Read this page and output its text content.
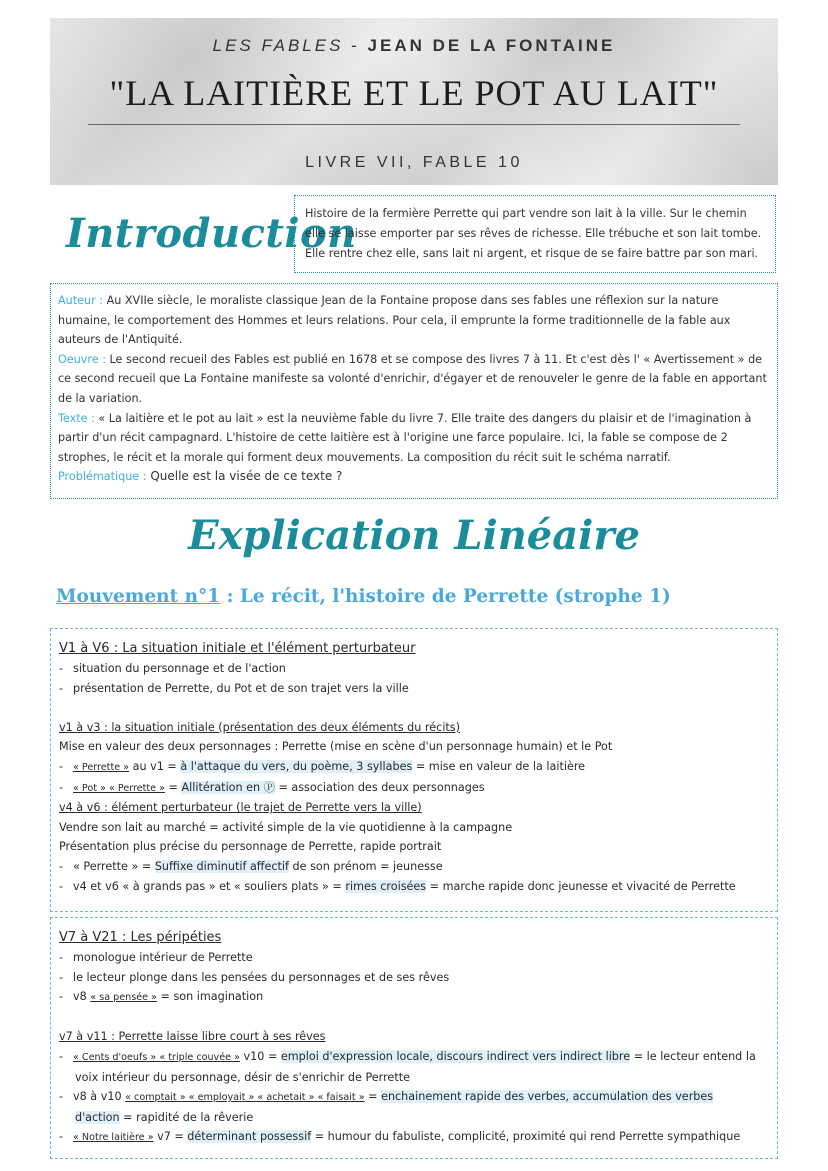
LES FABLES - JEAN DE LA FONTAINE
"LA LAITIÈRE ET LE POT AU LAIT"
LIVRE VII, FABLE 10
Introduction
Histoire de la fermière Perrette qui part vendre son lait à la ville. Sur le chemin elle se laisse emporter par ses rêves de richesse. Elle trébuche et son lait tombe. Elle rentre chez elle, sans lait ni argent, et risque de se faire battre par son mari.
Auteur : Au XVIIe siècle, le moraliste classique Jean de la Fontaine propose dans ses fables une réflexion sur la nature humaine, le comportement des Hommes et leurs relations. Pour cela, il emprunte la forme traditionnelle de la fable aux auteurs de l'Antiquité.
Oeuvre : Le second recueil des Fables est publié en 1678 et se compose des livres 7 à 11. Et c'est dès l' « Avertissement » de ce second recueil que La Fontaine manifeste sa volonté d'enrichir, d'égayer et de renouveler le genre de la fable en apportant de la variation.
Texte : « La laitière et le pot au lait » est la neuvième fable du livre 7. Elle traite des dangers du plaisir et de l'imagination à partir d'un récit campagnard. L'histoire de cette laitière est à l'origine une farce populaire. Ici, la fable se compose de 2 strophes, le récit et la morale qui forment deux mouvements. La composition du récit suit le schéma narratif.
Problématique : Quelle est la visée de ce texte ?
Explication Linéaire
Mouvement n°1 : Le récit, l'histoire de Perrette (strophe 1)
V1 à V6 : La situation initiale et l'élément perturbateur
- situation du personnage et de l'action
- présentation de Perrette, du Pot et de son trajet vers la ville
v1 à v3 : la situation initiale (présentation des deux éléments du récits)
Mise en valeur des deux personnages : Perrette (mise en scène d'un personnage humain) et le Pot
- « Perrette » au v1 = à l'attaque du vers, du poème, 3 syllabes = mise en valeur de la laitière
- « Pot » « Perrette » = Allitération en Ⓟ = association des deux personnages
v4 à v6 : élément perturbateur (le trajet de Perrette vers la ville)
Vendre son lait au marché = activité simple de la vie quotidienne à la campagne
Présentation plus précise du personnage de Perrette, rapide portrait
- « Perrette » = Suffixe diminutif affectif de son prénom = jeunesse
- v4 et v6 « à grands pas » et « souliers plats » = rimes croisées = marche rapide donc jeunesse et vivacité de Perrette
V7 à V21 : Les péripéties
- monologue intérieur de Perrette
- le lecteur plonge dans les pensées du personnages et de ses rêves
- v8 « sa pensée » = son imagination
v7 à v11 : Perrette laisse libre court à ses rêves
- « Cents d'oeufs » « triple couvée » v10 = emploi d'expression locale, discours indirect vers indirect libre = le lecteur entend la
voix intérieur du personnage, désir de s'enrichir de Perrette
- v8 à v10 « comptait » « employait » « achetait » « faisait » = enchainement rapide des verbes, accumulation des verbes
d'action = rapidité de la rêverie
- « Notre laitière » v7 = déterminant possessif = humour du fabuliste, complicité, proximité qui rend Perrette sympathique
